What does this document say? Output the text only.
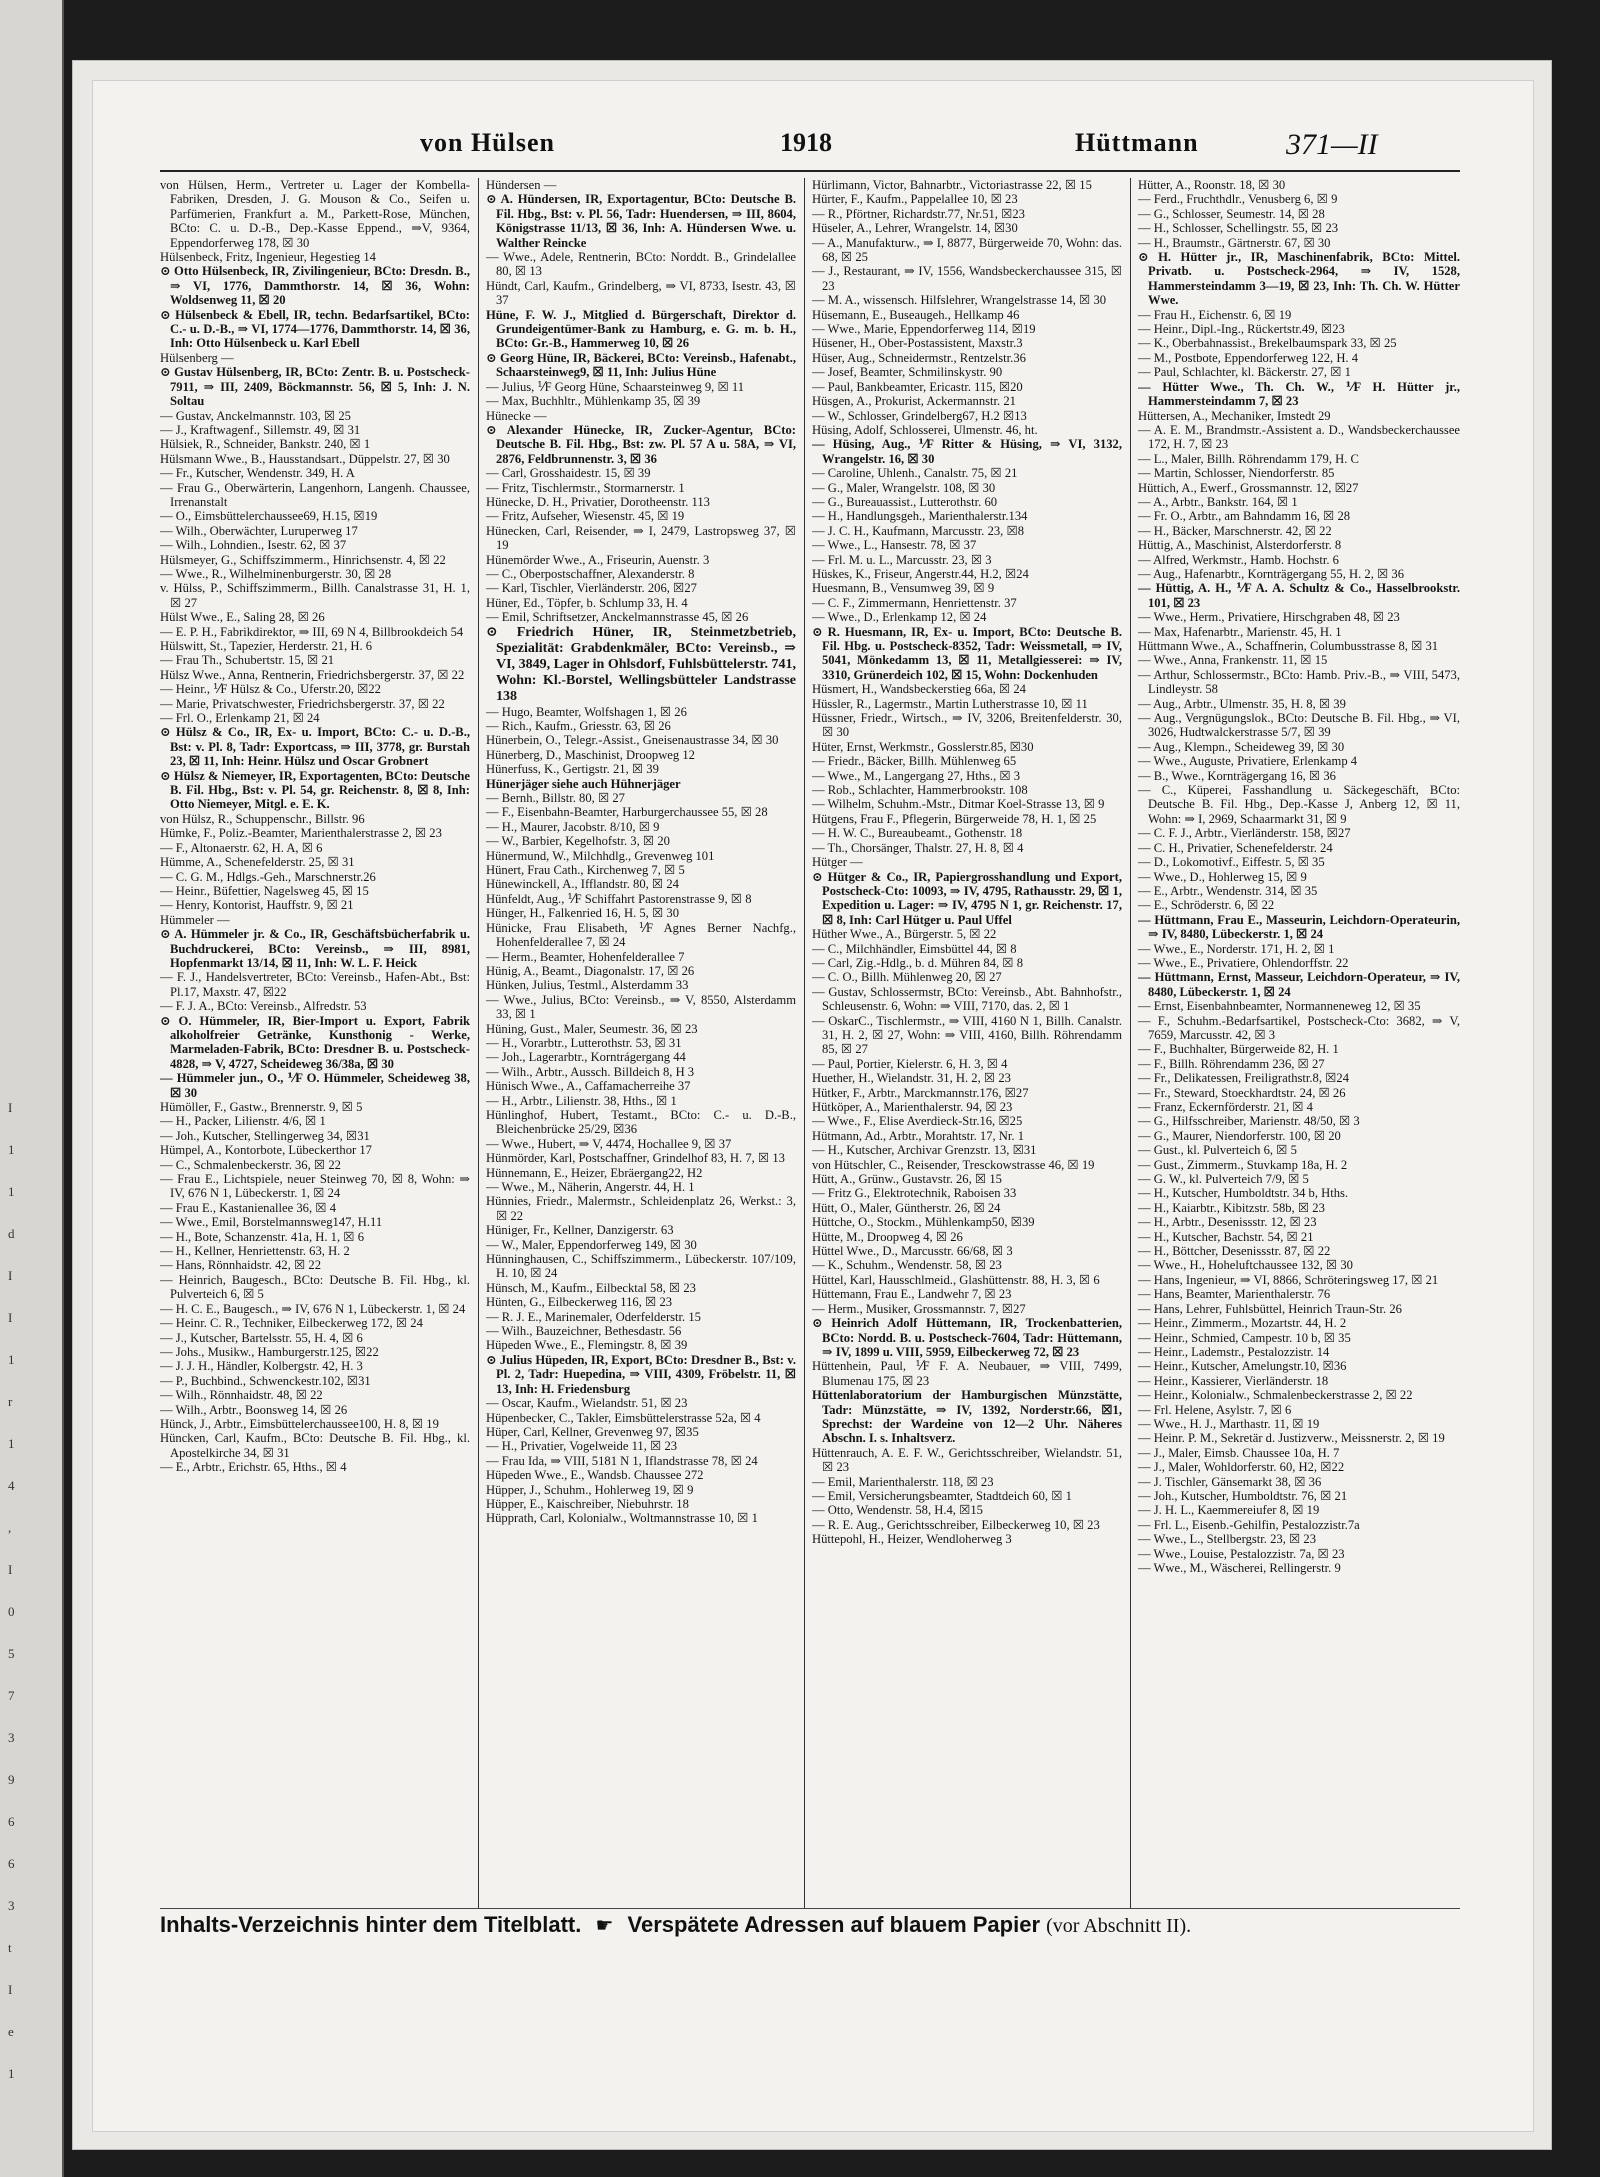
I
1
1
d
I
I
1
r
1
4
,
I
0
5
7
3
9
6
6
3
t
I
e
1
von Hülsen	1918	Hüttmann	371—II
von Hülsen, Herm., Vertreter u. Lager der Kombella-Fabriken, Dresden, J. G. Mouson & Co., Seifen u. Parfümerien, Frankfurt a. M., Parkett-Rose, München, BCto: C. u. D.-B., Dep.-Kasse Eppend., ⇒V, 9364, Eppendorferweg 178, ☒ 30
Hülsenbeck, Fritz, Ingenieur, Hegestieg 14
⊙ Otto Hülsenbeck, IR, Zivilingenieur, BCto: Dresdn. B., ⇒ VI, 1776, Dammthorstr. 14, ☒ 36, Wohn: Woldsenweg 11, ☒ 20
⊙ Hülsenbeck & Ebell, IR, techn. Bedarfsartikel, BCto: C.- u. D.-B., ⇒ VI, 1774—1776, Dammthorstr. 14, ☒ 36, Inh: Otto Hülsenbeck u. Karl Ebell
Hülsenberg —
⊙ Gustav Hülsenberg, IR, BCto: Zentr. B. u. Postscheck-7911, ⇒ III, 2409, Böckmannstr. 56, ☒ 5, Inh: J. N. Soltau
— Gustav, Anckelmannstr. 103, ☒ 25
— J., Kraftwagenf., Sillemstr. 49, ☒ 31
Hülsiek, R., Schneider, Bankstr. 240, ☒ 1
Hülsmann Wwe., B., Hausstandsart., Düppelstr. 27, ☒ 30
— Fr., Kutscher, Wendenstr. 349, H. A
— Frau G., Oberwärterin, Langenhorn, Langenh. Chaussee, Irrenanstalt
— O., Eimsbüttelerchaussee69, H.15, ☒19
— Wilh., Oberwächter, Luruperweg 17
— Wilh., Lohndien., Isestr. 62, ☒ 37
Hülsmeyer, G., Schiffszimmerm., Hinrichsenstr. 4, ☒ 22
— Wwe., R., Wilhelminenburgerstr. 30, ☒ 28
v. Hülss, P., Schiffszimmerm., Billh. Canalstrasse 31, H. 1, ☒ 27
Hülst Wwe., E., Saling 28, ☒ 26
— E. P. H., Fabrikdirektor, ⇒ III, 69 N 4, Billbrookdeich 54
Hülswitt, St., Tapezier, Herderstr. 21, H. 6
— Frau Th., Schubertstr. 15, ☒ 21
Hülsz Wwe., Anna, Rentnerin, Friedrichsbergerstr. 37, ☒ 22
— Heinr., ⅟F Hülsz & Co., Uferstr.20, ☒22
— Marie, Privatschwester, Friedrichsbergerstr. 37, ☒ 22
— Frl. O., Erlenkamp 21, ☒ 24
⊙ Hülsz & Co., IR, Ex- u. Import, BCto: C.- u. D.-B., Bst: v. Pl. 8, Tadr: Exportcass, ⇒ III, 3778, gr. Burstah 23, ☒ 11, Inh: Heinr. Hülsz und Oscar Grobnert
⊙ Hülsz & Niemeyer, IR, Exportagenten, BCto: Deutsche B. Fil. Hbg., Bst: v. Pl. 54, gr. Reichenstr. 8, ☒ 8, Inh: Otto Niemeyer, Mitgl. e. E. K.
von Hülsz, R., Schuppenschr., Billstr. 96
Hümke, F., Poliz.-Beamter, Marienthalerstrasse 2, ☒ 23
— F., Altonaerstr. 62, H. A, ☒ 6
Hümme, A., Schenefelderstr. 25, ☒ 31
— C. G. M., Hdlgs.-Geh., Marschnerstr.26
— Heinr., Büfettier, Nagelsweg 45, ☒ 15
— Henry, Kontorist, Hauffstr. 9, ☒ 21
Hümmeler —
⊙ A. Hümmeler jr. & Co., IR, Geschäftsbücherfabrik u. Buchdruckerei, BCto: Vereinsb., ⇒ III, 8981, Hopfenmarkt 13/14, ☒ 11, Inh: W. L. F. Heick
— F. J., Handelsvertreter, BCto: Vereinsb., Hafen-Abt., Bst: Pl.17, Maxstr. 47, ☒22
— F. J. A., BCto: Vereinsb., Alfredstr. 53
⊙ O. Hümmeler, IR, Bier-Import u. Export, Fabrik alkoholfreier Getränke, Kunsthonig - Werke, Marmeladen-Fabrik, BCto: Dresdner B. u. Postscheck-4828, ⇒ V, 4727, Scheideweg 36/38a, ☒ 30
— Hümmeler jun., O., ⅟F O. Hümmeler, Scheideweg 38, ☒ 30
Hümöller, F., Gastw., Brennerstr. 9, ☒ 5
— H., Packer, Lilienstr. 4/6, ☒ 1
— Joh., Kutscher, Stellingerweg 34, ☒31
Hümpel, A., Kontorbote, Lübeckerthor 17
— C., Schmalenbeckerstr. 36, ☒ 22
— Frau E., Lichtspiele, neuer Steinweg 70, ☒ 8, Wohn: ⇒ IV, 676 N 1, Lübeckerstr. 1, ☒ 24
— Frau E., Kastanienallee 36, ☒ 4
— Wwe., Emil, Borstelmannsweg147, H.11
— H., Bote, Schanzenstr. 41a, H. 1, ☒ 6
— H., Kellner, Henriettenstr. 63, H. 2
— Hans, Rönnhaidstr. 42, ☒ 22
— Heinrich, Baugesch., BCto: Deutsche B. Fil. Hbg., kl. Pulverteich 6, ☒ 5
— H. C. E., Baugesch., ⇒ IV, 676 N 1, Lübeckerstr. 1, ☒ 24
— Heinr. C. R., Techniker, Eilbeckerweg 172, ☒ 24
— J., Kutscher, Bartelsstr. 55, H. 4, ☒ 6
— Johs., Musikw., Hamburgerstr.125, ☒22
— J. J. H., Händler, Kolbergstr. 42, H. 3
— P., Buchbind., Schwenckestr.102, ☒31
— Wilh., Rönnhaidstr. 48, ☒ 22
— Wilh., Arbtr., Boonsweg 14, ☒ 26
Hünck, J., Arbtr., Eimsbüttelerchaussee100, H. 8, ☒ 19
Hüncken, Carl, Kaufm., BCto: Deutsche B. Fil. Hbg., kl. Apostelkirche 34, ☒ 31
— E., Arbtr., Erichstr. 65, Hths., ☒ 4
Hündersen —
⊙ A. Hündersen, IR, Exportagentur, BCto: Deutsche B. Fil. Hbg., Bst: v. Pl. 56, Tadr: Huendersen, ⇒ III, 8604, Königstrasse 11/13, ☒ 36, Inh: A. Hündersen Wwe. u. Walther Reincke
— Wwe., Adele, Rentnerin, BCto: Norddt. B., Grindelallee 80, ☒ 13
Hündt, Carl, Kaufm., Grindelberg, ⇒ VI, 8733, Isestr. 43, ☒ 37
Hüne, F. W. J., Mitglied d. Bürgerschaft, Direktor d. Grundeigentümer-Bank zu Hamburg, e. G. m. b. H., BCto: Gr.-B., Hammerweg 10, ☒ 26
⊙ Georg Hüne, IR, Bäckerei, BCto: Vereinsb., Hafenabt., Schaarsteinweg9, ☒ 11, Inh: Julius Hüne
— Julius, ⅟F Georg Hüne, Schaarsteinweg 9, ☒ 11
— Max, Buchhltr., Mühlenkamp 35, ☒ 39
Hünecke —
⊙ Alexander Hünecke, IR, Zucker-Agentur, BCto: Deutsche B. Fil. Hbg., Bst: zw. Pl. 57 A u. 58A, ⇒ VI, 2876, Feldbrunnenstr. 3, ☒ 36
— Carl, Grosshaidestr. 15, ☒ 39
— Fritz, Tischlermstr., Stormarnerstr. 1
Hünecke, D. H., Privatier, Dorotheenstr. 113
— Fritz, Aufseher, Wiesenstr. 45, ☒ 19
Hünecken, Carl, Reisender, ⇒ I, 2479, Lastropsweg 37, ☒ 19
Hünemörder Wwe., A., Friseurin, Auenstr. 3
— C., Oberpostschaffner, Alexanderstr. 8
— Karl, Tischler, Vierländerstr. 206, ☒27
Hüner, Ed., Töpfer, b. Schlump 33, H. 4
— Emil, Schriftsetzer, Anckelmannstrasse 45, ☒ 26
⊙ Friedrich Hüner, IR, Steinmetzbetrieb, Spezialität: Grabdenkmäler, BCto: Vereinsb., ⇒ VI, 3849, Lager in Ohlsdorf, Fuhlsbüttelerstr. 741, Wohn: Kl.-Borstel, Wellingsbütteler Landstrasse 138
— Hugo, Beamter, Wolfshagen 1, ☒ 26
— Rich., Kaufm., Griesstr. 63, ☒ 26
Hünerbein, O., Telegr.-Assist., Gneisenaustrasse 34, ☒ 30
Hünerberg, D., Maschinist, Droopweg 12
Hünerfuss, K., Gertigstr. 21, ☒ 39
Hünerjäger siehe auch Hühnerjäger
— Bernh., Billstr. 80, ☒ 27
— F., Eisenbahn-Beamter, Harburgerchaussee 55, ☒ 28
— H., Maurer, Jacobstr. 8/10, ☒ 9
— W., Barbier, Kegelhofstr. 3, ☒ 20
Hünermund, W., Milchhdlg., Grevenweg 101
Hünert, Frau Cath., Kirchenweg 7, ☒ 5
Hünewinckell, A., Ifflandstr. 80, ☒ 24
Hünfeldt, Aug., ⅟F Schiffahrt Pastorenstrasse 9, ☒ 8
Hünger, H., Falkenried 16, H. 5, ☒ 30
Hünicke, Frau Elisabeth, ⅟F Agnes Berner Nachfg., Hohenfelderallee 7, ☒ 24
— Herm., Beamter, Hohenfelderallee 7
Hünig, A., Beamt., Diagonalstr. 17, ☒ 26
Hünken, Julius, Testml., Alsterdamm 33
— Wwe., Julius, BCto: Vereinsb., ⇒ V, 8550, Alsterdamm 33, ☒ 1
Hüning, Gust., Maler, Seumestr. 36, ☒ 23
— H., Vorarbtr., Lutterothstr. 53, ☒ 31
— Joh., Lagerarbtr., Korntrágergang 44
— Wilh., Arbtr., Aussch. Billdeich 8, H 3
Hünisch Wwe., A., Caffamacherreihe 37
— H., Arbtr., Lilienstr. 38, Hths., ☒ 1
Hünlinghof, Hubert, Testamt., BCto: C.- u. D.-B., Bleichenbrücke 25/29, ☒36
— Wwe., Hubert, ⇒ V, 4474, Hochallee 9, ☒ 37
Hünmörder, Karl, Postschaffner, Grindelhof 83, H. 7, ☒ 13
Hünnemann, E., Heizer, Ebräergang22, H2
— Wwe., M., Näherin, Angerstr. 44, H. 1
Hünnies, Friedr., Malermstr., Schleidenplatz 26, Werkst.: 3, ☒ 22
Hüniger, Fr., Kellner, Danzigerstr. 63
— W., Maler, Eppendorferweg 149, ☒ 30
Hünninghausen, C., Schiffszimmerm., Lübeckerstr. 107/109, H. 10, ☒ 24
Hünsch, M., Kaufm., Eilbecktal 58, ☒ 23
Hünten, G., Eilbeckerweg 116, ☒ 23
— R. J. E., Marinemaler, Oderfelderstr. 15
— Wilh., Bauzeichner, Bethesdastr. 56
Hüpeden Wwe., E., Flemingstr. 8, ☒ 39
⊙ Julius Hüpeden, IR, Export, BCto: Dresdner B., Bst: v. Pl. 2, Tadr: Huepedina, ⇒ VIII, 4309, Fröbelstr. 11, ☒ 13, Inh: H. Friedensburg
— Oscar, Kaufm., Wielandstr. 51, ☒ 23
Hüpenbecker, C., Takler, Eimsbüttelerstrasse 52a, ☒ 4
Hüper, Carl, Kellner, Grevenweg 97, ☒35
— H., Privatier, Vogelweide 11, ☒ 23
— Frau Ida, ⇒ VIII, 5181 N 1, Iflandstrasse 78, ☒ 24
Hüpeden Wwe., E., Wandsb. Chaussee 272
Hüpper, J., Schuhm., Hohlerweg 19, ☒ 9
Hüpper, E., Kaischreiber, Niebuhrstr. 18
Hüpprath, Carl, Kolonialw., Woltmannstrasse 10, ☒ 1
Hürlimann, Victor, Bahnarbtr., Victoriastrasse 22, ☒ 15
Hürter, F., Kaufm., Pappelallee 10, ☒ 23
— R., Pförtner, Richardstr.77, Nr.51, ☒23
Hüseler, A., Lehrer, Wrangelstr. 14, ☒30
— A., Manufakturw., ⇒ I, 8877, Bürgerweide 70, Wohn: das. 68, ☒ 25
— J., Restaurant, ⇒ IV, 1556, Wandsbeckerchaussee 315, ☒ 23
— M. A., wissensch. Hilfslehrer, Wrangelstrasse 14, ☒ 30
Hüsemann, E., Buseaugeh., Hellkamp 46
— Wwe., Marie, Eppendorferweg 114, ☒19
Hüsener, H., Ober-Postassistent, Maxstr.3
Hüser, Aug., Schneidermstr., Rentzelstr.36
— Josef, Beamter, Schmilinskystr. 90
— Paul, Bankbeamter, Ericastr. 115, ☒20
Hüsgen, A., Prokurist, Ackermannstr. 21
— W., Schlosser, Grindelberg67, H.2 ☒13
Hüsing, Adolf, Schlosserei, Ulmenstr. 46, ht.
— Hüsing, Aug., ⅟F Ritter & Hüsing, ⇒ VI, 3132, Wrangelstr. 16, ☒ 30
— Caroline, Uhlenh., Canalstr. 75, ☒ 21
— G., Maler, Wrangelstr. 108, ☒ 30
— G., Bureauassist., Lutterothstr. 60
— H., Handlungsgeh., Marienthalerstr.134
— J. C. H., Kaufmann, Marcusstr. 23, ☒8
— Wwe., L., Hansestr. 78, ☒ 37
— Frl. M. u. L., Marcusstr. 23, ☒ 3
Hüskes, K., Friseur, Angerstr.44, H.2, ☒24
Huesmann, B., Vensumweg 39, ☒ 9
— C. F., Zimmermann, Henriettenstr. 37
— Wwe., D., Erlenkamp 12, ☒ 24
⊙ R. Huesmann, IR, Ex- u. Import, BCto: Deutsche B. Fil. Hbg. u. Postscheck-8352, Tadr: Weissmetall, ⇒ IV, 5041, Mönkedamm 13, ☒ 11, Metallgiesserei: ⇒ IV, 3310, Grünerdeich 102, ☒ 15, Wohn: Dockenhuden
Hüsmert, H., Wandsbeckerstieg 66a, ☒ 24
Hüssler, R., Lagermstr., Martin Lutherstrasse 10, ☒ 11
Hüssner, Friedr., Wirtsch., ⇒ IV, 3206, Breitenfelderstr. 30, ☒ 30
Hüter, Ernst, Werkmstr., Gosslerstr.85, ☒30
— Friedr., Bäcker, Billh. Mühlenweg 65
— Wwe., M., Langergang 27, Hths., ☒ 3
— Rob., Schlachter, Hammerbrookstr. 108
— Wilhelm, Schuhm.-Mstr., Ditmar Koel-Strasse 13, ☒ 9
Hütgens, Frau F., Pflegerin, Bürgerweide 78, H. 1, ☒ 25
— H. W. C., Bureaubeamt., Gothenstr. 18
— Th., Chorsänger, Thalstr. 27, H. 8, ☒ 4
Hütger —
⊙ Hütger & Co., IR, Papiergrosshandlung und Export, Postscheck-Cto: 10093, ⇒ IV, 4795, Rathausstr. 29, ☒ 1, Expedition u. Lager: ⇒ IV, 4795 N 1, gr. Reichenstr. 17, ☒ 8, Inh: Carl Hütger u. Paul Uffel
Hüther Wwe., A., Bürgerstr. 5, ☒ 22
— C., Milchhändler, Eimsbüttel 44, ☒ 8
— Carl, Zig.-Hdlg., b. d. Mühren 84, ☒ 8
— C. O., Billh. Mühlenweg 20, ☒ 27
— Gustav, Schlossermstr, BCto: Vereinsb., Abt. Bahnhofstr., Schleusenstr. 6, Wohn: ⇒ VIII, 7170, das. 2, ☒ 1
— OskarC., Tischlermstr., ⇒ VIII, 4160 N 1, Billh. Canalstr. 31, H. 2, ☒ 27, Wohn: ⇒ VIII, 4160, Billh. Röhrendamm 85, ☒ 27
— Paul, Portier, Kielerstr. 6, H. 3, ☒ 4
Huether, H., Wielandstr. 31, H. 2, ☒ 23
Hütker, F., Arbtr., Marckmannstr.176, ☒27
Hütköper, A., Marienthalerstr. 94, ☒ 23
— Wwe., F., Elise Averdieck-Str.16, ☒25
Hütmann, Ad., Arbtr., Morahtstr. 17, Nr. 1
— H., Kutscher, Archivar Grenzstr. 13, ☒31
von Hütschler, C., Reisender, Tresckowstrasse 46, ☒ 19
Hütt, A., Grünw., Gustavstr. 26, ☒ 15
— Fritz G., Elektrotechnik, Raboisen 33
Hütt, O., Maler, Güntherstr. 26, ☒ 24
Hüttche, O., Stockm., Mühlenkamp50, ☒39
Hütte, M., Droopweg 4, ☒ 26
Hüttel Wwe., D., Marcusstr. 66/68, ☒ 3
— K., Schuhm., Wendenstr. 58, ☒ 23
Hüttel, Karl, Hausschlmeid., Glashüttenstr. 88, H. 3, ☒ 6
Hüttemann, Frau E., Landwehr 7, ☒ 23
— Herm., Musiker, Grossmannstr. 7, ☒27
⊙ Heinrich Adolf Hüttemann, IR, Trockenbatterien, BCto: Nordd. B. u. Postscheck-7604, Tadr: Hüttemann, ⇒ IV, 1899 u. VIII, 5959, Eilbeckerweg 72, ☒ 23
Hüttenhein, Paul, ⅟F F. A. Neubauer, ⇒ VIII, 7499, Blumenau 175, ☒ 23
Hüttenlaboratorium der Hamburgischen Münzstätte, Tadr: Münzstätte, ⇒ IV, 1392, Norderstr.66, ☒1, Sprechst: der Wardeine von 12—2 Uhr. Näheres Abschn. I. s. Inhaltsverz.
Hüttenrauch, A. E. F. W., Gerichtsschreiber, Wielandstr. 51, ☒ 23
— Emil, Marienthalerstr. 118, ☒ 23
— Emil, Versicherungsbeamter, Stadtdeich 60, ☒ 1
— Otto, Wendenstr. 58, H.4, ☒15
— R. E. Aug., Gerichtsschreiber, Eilbeckerweg 10, ☒ 23
Hüttepohl, H., Heizer, Wendloherweg 3
Hütter, A., Roonstr. 18, ☒ 30
— Ferd., Fruchthdlr., Venusberg 6, ☒ 9
— G., Schlosser, Seumestr. 14, ☒ 28
— H., Schlosser, Schellingstr. 55, ☒ 23
— H., Braumstr., Gärtnerstr. 67, ☒ 30
⊙ H. Hütter jr., IR, Maschinenfabrik, BCto: Mittel. Privatb. u. Postscheck-2964, ⇒ IV, 1528, Hammersteindamm 3—19, ☒ 23, Inh: Th. Ch. W. Hütter Wwe.
— Frau H., Eichenstr. 6, ☒ 19
— Heinr., Dipl.-Ing., Rückertstr.49, ☒23
— K., Oberbahnassist., Brekelbaumspark 33, ☒ 25
— M., Postbote, Eppendorferweg 122, H. 4
— Paul, Schlachter, kl. Bäckerstr. 27, ☒ 1
— Hütter Wwe., Th. Ch. W., ⅟F H. Hütter jr., Hammersteindamm 7, ☒ 23
Hüttersen, A., Mechaniker, Imstedt 29
— A. E. M., Brandmstr.-Assistent a. D., Wandsbeckerchaussee 172, H. 7, ☒ 23
— L., Maler, Billh. Röhrendamm 179, H. C
— Martin, Schlosser, Niendorferstr. 85
Hüttich, A., Ewerf., Grossmannstr. 12, ☒27
— A., Arbtr., Bankstr. 164, ☒ 1
— Fr. O., Arbtr., am Bahndamm 16, ☒ 28
— H., Bäcker, Marschnerstr. 42, ☒ 22
Hüttig, A., Maschinist, Alsterdorferstr. 8
— Alfred, Werkmstr., Hamb. Hochstr. 6
— Aug., Hafenarbtr., Kornträgergang 55, H. 2, ☒ 36
— Hüttig, A. H., ⅟F A. A. Schultz & Co., Hasselbrookstr. 101, ☒ 23
— Wwe., Herm., Privatiere, Hirschgraben 48, ☒ 23
— Max, Hafenarbtr., Marienstr. 45, H. 1
Hüttmann Wwe., A., Schaffnerin, Columbusstrasse 8, ☒ 31
— Wwe., Anna, Frankenstr. 11, ☒ 15
— Arthur, Schlossermstr., BCto: Hamb. Priv.-B., ⇒ VIII, 5473, Lindleystr. 58
— Aug., Arbtr., Ulmenstr. 35, H. 8, ☒ 39
— Aug., Vergnügungslok., BCto: Deutsche B. Fil. Hbg., ⇒ VI, 3026, Hudtwalckerstrasse 5/7, ☒ 39
— Aug., Klempn., Scheideweg 39, ☒ 30
— Wwe., Auguste, Privatiere, Erlenkamp 4
— B., Wwe., Kornträgergang 16, ☒ 36
— C., Küperei, Fasshandlung u. Säckegeschäft, BCto: Deutsche B. Fil. Hbg., Dep.-Kasse J, Anberg 12, ☒ 11, Wohn: ⇒ I, 2969, Schaarmarkt 31, ☒ 9
— C. F. J., Arbtr., Vierländerstr. 158, ☒27
— C. H., Privatier, Schenefelderstr. 24
— D., Lokomotivf., Eiffestr. 5, ☒ 35
— Wwe., D., Hohlerweg 15, ☒ 9
— E., Arbtr., Wendenstr. 314, ☒ 35
— E., Schröderstr. 6, ☒ 22
— Hüttmann, Frau E., Masseurin, Leichdorn-Operateurin, ⇒ IV, 8480, Lübeckerstr. 1, ☒ 24
— Wwe., E., Norderstr. 171, H. 2, ☒ 1
— Wwe., E., Privatiere, Ohlendorffstr. 22
— Hüttmann, Ernst, Masseur, Leichdorn-Operateur, ⇒ IV, 8480, Lübeckerstr. 1, ☒ 24
— Ernst, Eisenbahnbeamter, Normanneneweg 12, ☒ 35
— F., Schuhm.-Bedarfsartikel, Postscheck-Cto: 3682, ⇒ V, 7659, Marcusstr. 42, ☒ 3
— F., Buchhalter, Bürgerweide 82, H. 1
— F., Billh. Röhrendamm 236, ☒ 27
— Fr., Delikatessen, Freiligrathstr.8, ☒24
— Fr., Steward, Stoeckhardtstr. 24, ☒ 26
— Franz, Eckernförderstr. 21, ☒ 4
— G., Hilfsschreiber, Marienstr. 48/50, ☒ 3
— G., Maurer, Niendorferstr. 100, ☒ 20
— Gust., kl. Pulverteich 6, ☒ 5
— Gust., Zimmerm., Stuvkamp 18a, H. 2
— G. W., kl. Pulverteich 7/9, ☒ 5
— H., Kutscher, Humboldtstr. 34 b, Hths.
— H., Kaiarbtr., Kibitzstr. 58b, ☒ 23
— H., Arbtr., Desenissstr. 12, ☒ 23
— H., Kutscher, Bachstr. 54, ☒ 21
— H., Böttcher, Desenissstr. 87, ☒ 22
— Wwe., H., Hoheluftchaussee 132, ☒ 30
— Hans, Ingenieur, ⇒ VI, 8866, Schröteringsweg 17, ☒ 21
— Hans, Beamter, Marienthalerstr. 76
— Hans, Lehrer, Fuhlsbüttel, Heinrich Traun-Str. 26
— Heinr., Zimmerm., Mozartstr. 44, H. 2
— Heinr., Schmied, Campestr. 10 b, ☒ 35
— Heinr., Lademstr., Pestalozzistr. 14
— Heinr., Kutscher, Amelungstr.10, ☒36
— Heinr., Kassierer, Vierländerstr. 18
— Heinr., Kolonialw., Schmalenbeckerstrasse 2, ☒ 22
— Frl. Helene, Asylstr. 7, ☒ 6
— Wwe., H. J., Marthastr. 11, ☒ 19
— Heinr. P. M., Sekretär d. Justizverw., Meissnerstr. 2, ☒ 19
— J., Maler, Eimsb. Chaussee 10a, H. 7
— J., Maler, Wohldorferstr. 60, H2, ☒22
— J. Tischler, Gänsemarkt 38, ☒ 36
— Joh., Kutscher, Humboldtstr. 76, ☒ 21
— J. H. L., Kaemmereiufer 8, ☒ 19
— Frl. L., Eisenb.-Gehilfin, Pestalozzistr.7a
— Wwe., L., Stellbergstr. 23, ☒ 23
— Wwe., Louise, Pestalozzistr. 7a, ☒ 23
— Wwe., M., Wäscherei, Rellingerstr. 9
Inhalts-Verzeichnis hinter dem Titelblatt. ☛ Verspätete Adressen auf blauem Papier (vor Abschnitt II).
